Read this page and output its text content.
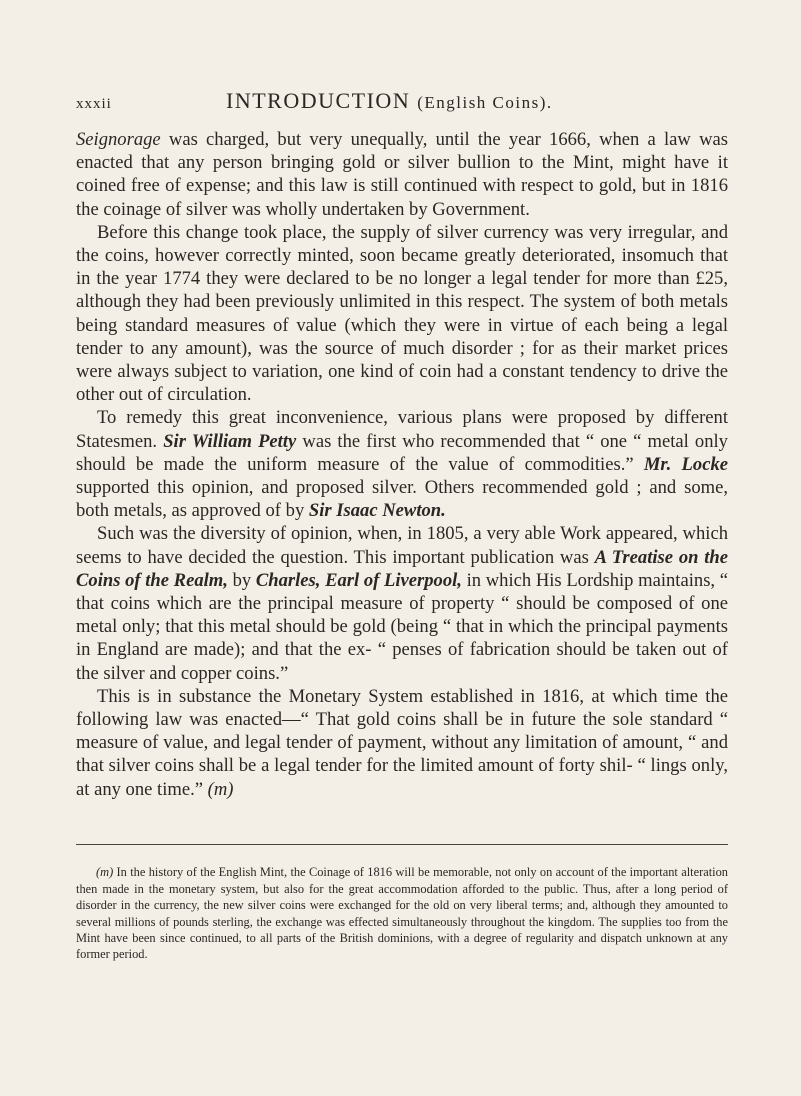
xxxii	INTRODUCTION (English Coins).

Seignorage was charged, but very unequally, until the year 1666, when a law was enacted that any person bringing gold or silver bullion to the Mint, might have it coined free of expense; and this law is still continued with respect to gold, but in 1816 the coinage of silver was wholly undertaken by Government.

Before this change took place, the supply of silver currency was very irregular, and the coins, however correctly minted, soon became greatly deteriorated, insomuch that in the year 1774 they were declared to be no longer a legal tender for more than £25, although they had been previously unlimited in this respect. The system of both metals being standard measures of value (which they were in virtue of each being a legal tender to any amount), was the source of much disorder ; for as their market prices were always subject to variation, one kind of coin had a constant tendency to drive the other out of circulation.

To remedy this great inconvenience, various plans were proposed by different Statesmen. Sir William Petty was the first who recommended that “ one “ metal only should be made the uniform measure of the value of commodities.” Mr. Locke supported this opinion, and proposed silver. Others recommended gold ; and some, both metals, as approved of by Sir Isaac Newton.

Such was the diversity of opinion, when, in 1805, a very able Work appeared, which seems to have decided the question. This important publication was A Treatise on the Coins of the Realm, by Charles, Earl of Liverpool, in which His Lordship maintains, “ that coins which are the principal measure of property “ should be composed of one metal only; that this metal should be gold (being “ that in which the principal payments in England are made); and that the ex- “ penses of fabrication should be taken out of the silver and copper coins.”

This is in substance the Monetary System established in 1816, at which time the following law was enacted—“ That gold coins shall be in future the sole standard “ measure of value, and legal tender of payment, without any limitation of amount, “ and that silver coins shall be a legal tender for the limited amount of forty shil- “ lings only, at any one time.” (m)

(m) In the history of the English Mint, the Coinage of 1816 will be memorable, not only on account of the important alteration then made in the monetary system, but also for the great accommodation afforded to the public. Thus, after a long period of disorder in the currency, the new silver coins were exchanged for the old on very liberal terms; and, although they amounted to several millions of pounds sterling, the exchange was effected simultaneously throughout the kingdom. The supplies too from the Mint have been since continued, to all parts of the British dominions, with a degree of regularity and dispatch unknown at any former period.
